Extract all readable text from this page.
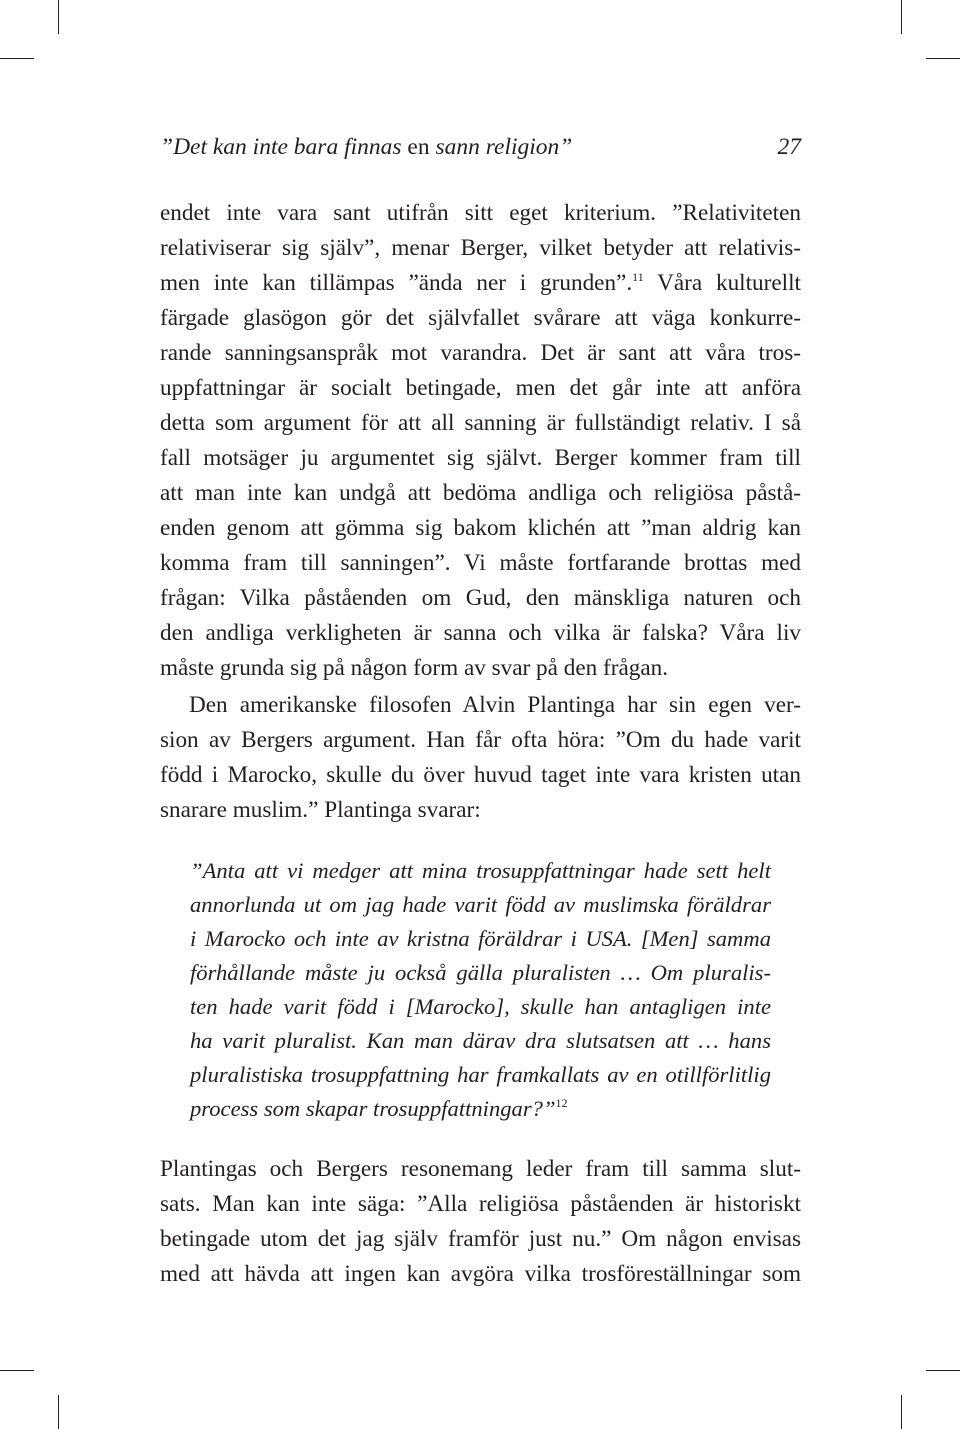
”Det kan inte bara finnas en sann religion”	27
endet inte vara sant utifrån sitt eget kriterium. ”Relativiteten
relativiserar sig själv”, menar Berger, vilket betyder att relativis-
men inte kan tillämpas ”ända ner i grunden”.$^{11}$ Våra kulturellt
färgade glasögon gör det självfallet svårare att väga konkurre-
rande sanningsanspråk mot varandra. Det är sant att våra tros-
uppfattningar är socialt betingade, men det går inte att anföra
detta som argument för att all sanning är fullständigt relativ. I så
fall motsäger ju argumentet sig självt. Berger kommer fram till
att man inte kan undgå att bedöma andliga och religiösa påstå-
enden genom att gömma sig bakom klichén att ”man aldrig kan
komma fram till sanningen”. Vi måste fortfarande brottas med
frågan: Vilka påståenden om Gud, den mänskliga naturen och
den andliga verkligheten är sanna och vilka är falska? Våra liv
måste grunda sig på någon form av svar på den frågan.
Den amerikanske filosofen Alvin Plantinga har sin egen ver-
sion av Bergers argument. Han får ofta höra: ”Om du hade varit
född i Marocko, skulle du över huvud taget inte vara kristen utan
snarare muslim.” Plantinga svarar:
”Anta att vi medger att mina trosuppfattningar hade sett helt
annorlunda ut om jag hade varit född av muslimska föräldrar
i Marocko och inte av kristna föräldrar i USA. [Men] samma
förhållande måste ju också gälla pluralisten … Om pluralis-
ten hade varit född i [Marocko], skulle han antagligen inte
ha varit pluralist. Kan man därav dra slutsatsen att … hans
pluralistiska trosuppfattning har framkallats av en otillförlitlig
process som skapar trosuppfattningar?”$^{12}$
Plantingas och Bergers resonemang leder fram till samma slut-
sats. Man kan inte säga: ”Alla religiösa påståenden är historiskt
betingade utom det jag själv framför just nu.” Om någon envisas
med att hävda att ingen kan avgöra vilka trosföreställningar som
